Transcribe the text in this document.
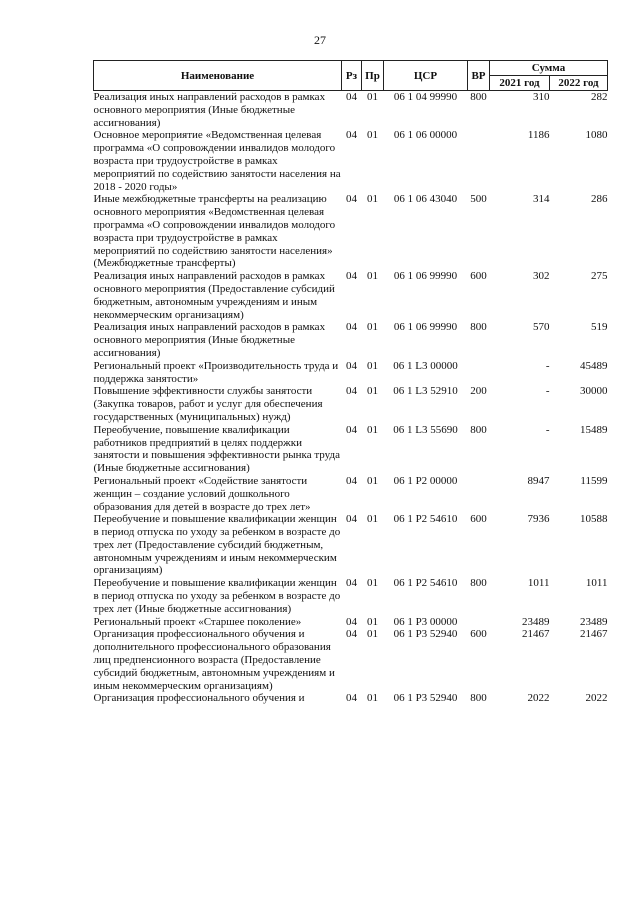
27
Наименование	Рз	Пр	ЦСР	ВР	Сумма	
					2021 год	2022 год
Реализация иных направлений расходов в рамках основного мероприятия (Иные бюджетные ассигнования)	04	01	06 1 04 99990	800	310	282
Основное мероприятие «Ведомственная целевая программа «О сопровождении инвалидов молодого возраста при трудоустройстве в рамках мероприятий по содействию занятости населения на 2018 - 2020 годы»	04	01	06 1 06 00000		1186	1080
Иные межбюджетные трансферты на реализацию основного мероприятия «Ведомственная целевая программа «О сопровождении инвалидов молодого возраста при трудоустройстве в рамках мероприятий по содействию занятости населения» (Межбюджетные трансферты)	04	01	06 1 06 43040	500	314	286
Реализация иных направлений расходов в рамках основного мероприятия (Предоставление субсидий бюджетным, автономным учреждениям и иным некоммерческим организациям)	04	01	06 1 06 99990	600	302	275
Реализация иных направлений расходов в рамках основного мероприятия (Иные бюджетные ассигнования)	04	01	06 1 06 99990	800	570	519
Региональный проект «Производительность труда и поддержка занятости»	04	01	06 1 L3 00000		-	45489
Повышение эффективности службы занятости (Закупка товаров, работ и услуг для обеспечения государственных (муниципальных) нужд)	04	01	06 1 L3 52910	200	-	30000
Переобучение, повышение квалификации работников предприятий в целях поддержки занятости и повышения эффективности рынка труда (Иные бюджетные ассигнования)	04	01	06 1 L3 55690	800	-	15489
Региональный проект «Содействие занятости женщин – создание условий дошкольного образования для детей в возрасте до трех лет»	04	01	06 1 P2 00000		8947	11599
Переобучение и повышение квалификации женщин в период отпуска по уходу за ребенком в возрасте до трех лет (Предоставление субсидий бюджетным, автономным учреждениям и иным некоммерческим организациям)	04	01	06 1 P2 54610	600	7936	10588
Переобучение и повышение квалификации женщин в период отпуска по уходу за ребенком в возрасте до трех лет (Иные бюджетные ассигнования)	04	01	06 1 P2 54610	800	1011	1011
Региональный проект «Старшее поколение»	04	01	06 1 P3 00000		23489	23489
Организация профессионального обучения и дополнительного профессионального образования лиц предпенсионного возраста (Предоставление субсидий бюджетным, автономным учреждениям и иным некоммерческим организациям)	04	01	06 1 P3 52940	600	21467	21467
Организация профессионального обучения и	04	01	06 1 P3 52940	800	2022	2022
